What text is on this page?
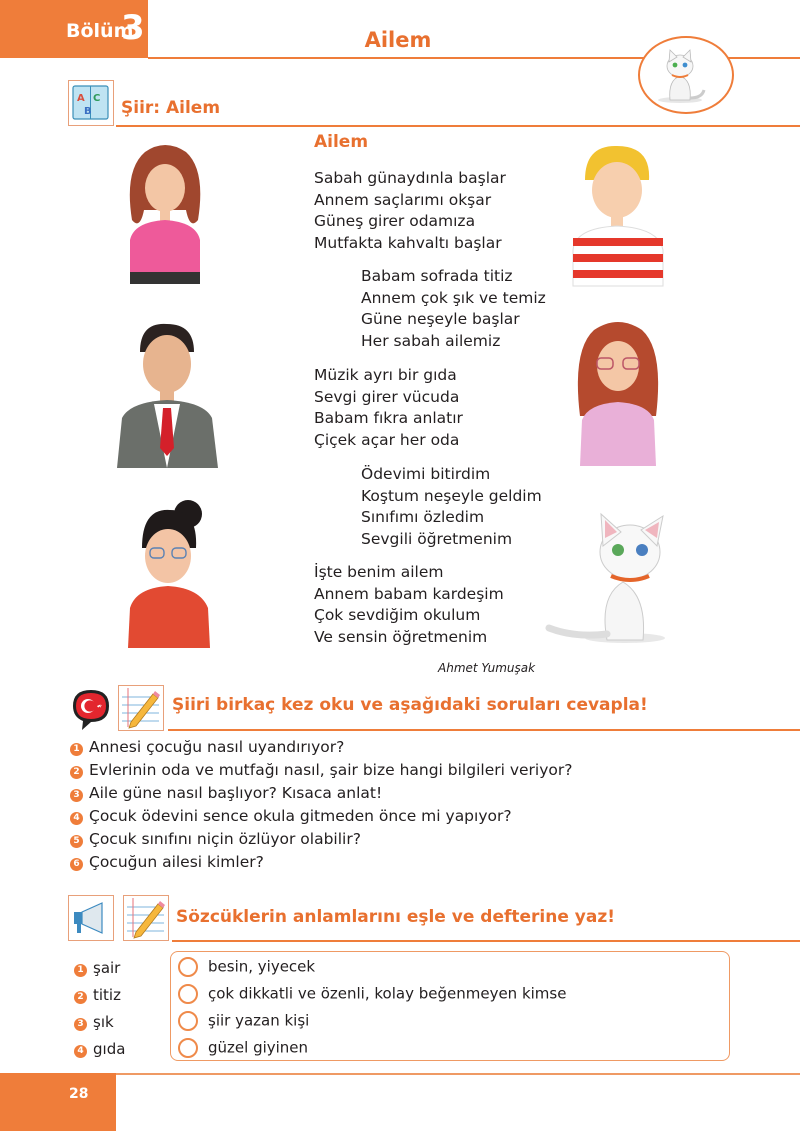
Bölüm
3	Ailem
A C
B Şiir: Ailem
Ailem
Sabah günaydınla başlar
Annem saçlarımı okşar
Güneş girer odamıza
Mutfakta kahvaltı başlar
Babam sofrada titiz
Annem çok şık ve temiz
Güne neşeyle başlar
Her sabah ailemiz
Müzik ayrı bir gıda
Sevgi girer vücuda
Babam fıkra anlatır
Çiçek açar her oda
Ödevimi bitirdim
Koştum neşeyle geldim
Sınıfımı özledim
Sevgili öğretmenim
İşte benim ailem
Annem babam kardeşim
Çok sevdiğim okulum
Ve sensin öğretmenim
Ahmet Yumuşak
Şiiri birkaç kez oku ve aşağıdaki soruları cevapla!
1 Annesi çocuğu nasıl uyandırıyor?
2 Evlerinin oda ve mutfağı nasıl, şair bize hangi bilgileri veriyor?
3 Aile güne nasıl başlıyor? Kısaca anlat!
4 Çocuk ödevini sence okula gitmeden önce mi yapıyor?
5 Çocuk sınıfını niçin özlüyor olabilir?
6 Çocuğun ailesi kimler?
Sözcüklerin anlamlarını eşle ve defterine yaz!
1 şair
2 titiz
3 şık
4 gıda
besin, yiyecek
çok dikkatli ve özenli, kolay beğenmeyen kimse
şiir yazan kişi
güzel giyinen
28
